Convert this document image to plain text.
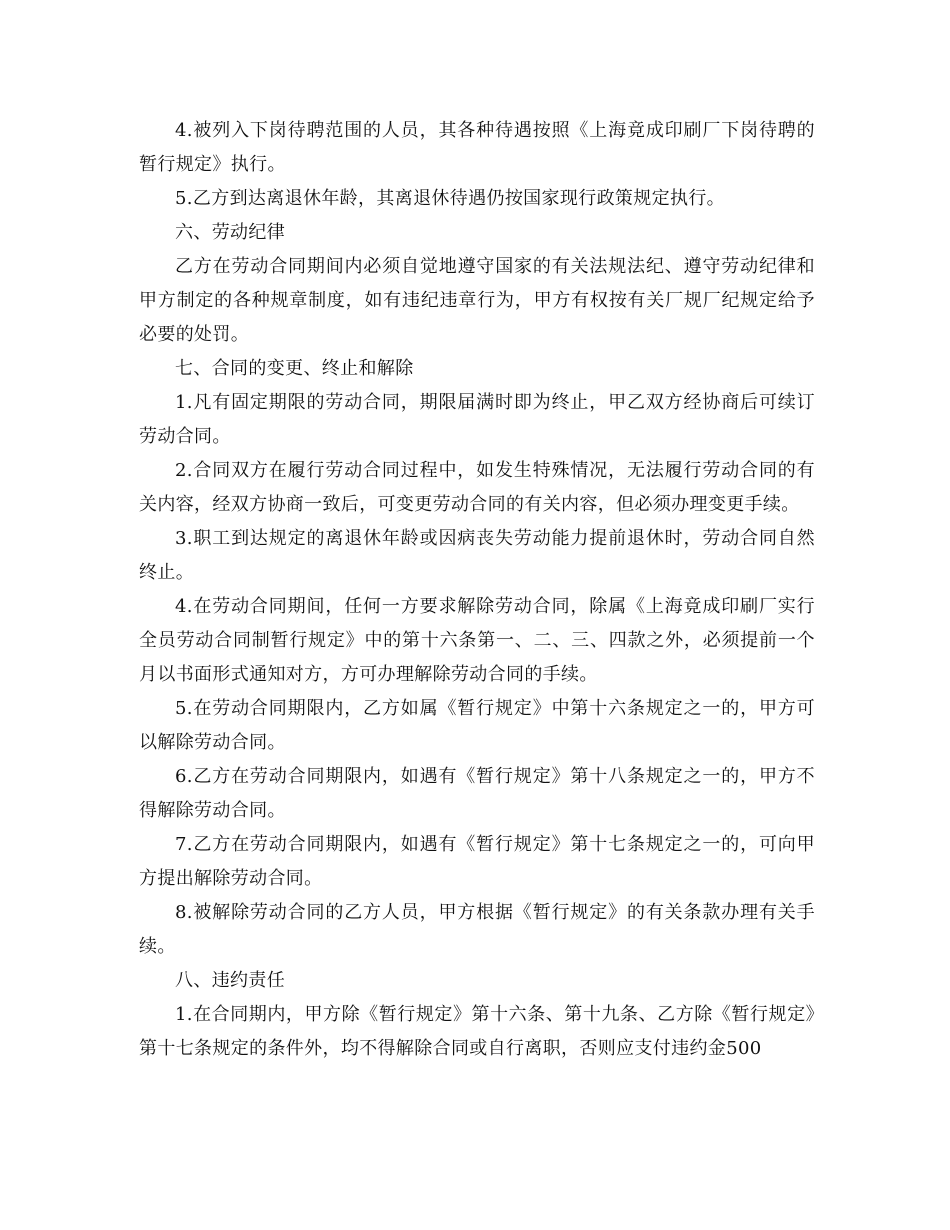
4.被列入下岗待聘范围的人员，其各种待遇按照《上海竟成印刷厂下岗待聘的暂行规定》执行。

5.乙方到达离退休年龄，其离退休待遇仍按国家现行政策规定执行。

六、劳动纪律

乙方在劳动合同期间内必须自觉地遵守国家的有关法规法纪、遵守劳动纪律和甲方制定的各种规章制度，如有违纪违章行为，甲方有权按有关厂规厂纪规定给予必要的处罚。

七、合同的变更、终止和解除

1.凡有固定期限的劳动合同，期限届满时即为终止，甲乙双方经协商后可续订劳动合同。

2.合同双方在履行劳动合同过程中，如发生特殊情况，无法履行劳动合同的有关内容，经双方协商一致后，可变更劳动合同的有关内容，但必须办理变更手续。

3.职工到达规定的离退休年龄或因病丧失劳动能力提前退休时，劳动合同自然终止。

4.在劳动合同期间，任何一方要求解除劳动合同，除属《上海竟成印刷厂实行全员劳动合同制暂行规定》中的第十六条第一、二、三、四款之外，必须提前一个月以书面形式通知对方，方可办理解除劳动合同的手续。

5.在劳动合同期限内，乙方如属《暂行规定》中第十六条规定之一的，甲方可以解除劳动合同。

6.乙方在劳动合同期限内，如遇有《暂行规定》第十八条规定之一的，甲方不得解除劳动合同。

7.乙方在劳动合同期限内，如遇有《暂行规定》第十七条规定之一的，可向甲方提出解除劳动合同。

8.被解除劳动合同的乙方人员，甲方根据《暂行规定》的有关条款办理有关手续。

八、违约责任

1.在合同期内，甲方除《暂行规定》第十六条、第十九条、乙方除《暂行规定》第十七条规定的条件外，均不得解除合同或自行离职，否则应支付违约金500
